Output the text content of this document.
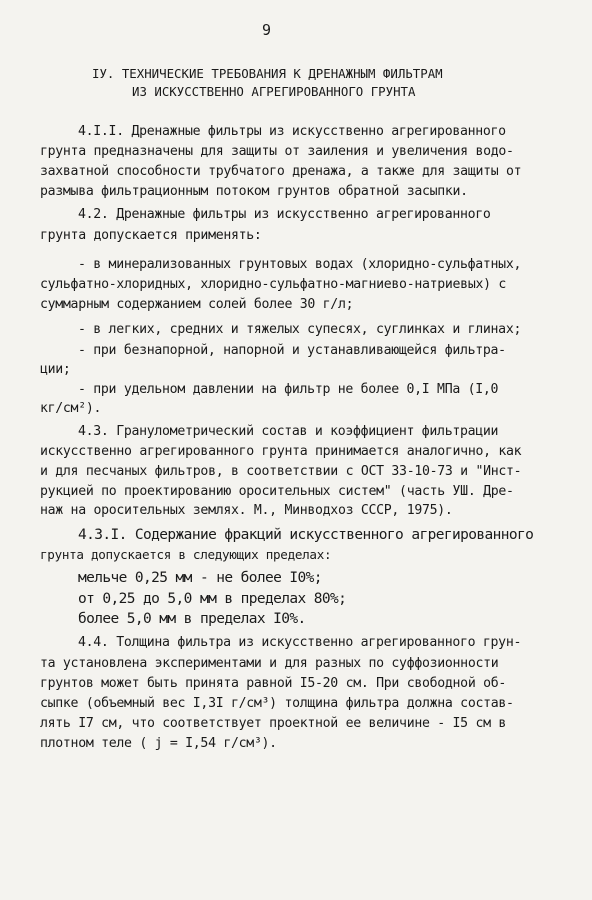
9
IУ. ТЕХНИЧЕСКИЕ ТРЕБОВАНИЯ К ДРЕНАЖНЫМ ФИЛЬТРАМ
ИЗ ИСКУССТВЕННО АГРЕГИРОВАННОГО ГРУНТА
4.I.I. Дренажные фильтры из искусственно агрегированного
грунта предназначены для защиты от заиления и увеличения водо-
захватной способности трубчатого дренажа, а также для защиты от
размыва фильтрационным потоком грунтов обратной засыпки.
4.2. Дренажные фильтры из искусственно агрегированного
грунта допускается применять:
- в минерализованных грунтовых водах (хлоридно-сульфатных,
сульфатно-хлоридных, хлоридно-сульфатно-магниево-натриевых) с
суммарным содержанием солей более 30 г/л;
- в легких, средних и тяжелых супесях, суглинках и глинах;
- при безнапорной, напорной и устанавливающейся фильтра-
ции;
- при удельном давлении на фильтр не более 0,I МПа (I,0
кг/см²).
4.3. Гранулометрический состав и коэффициент фильтрации
искусственно агрегированного грунта принимается аналогично, как
и для песчаных фильтров, в соответствии с ОСТ 33-10-73 и "Инст-
рукцией по проектированию оросительных систем" (часть УШ. Дре-
наж на оросительных землях. М., Минводхоз СССР, 1975).
4.3.I. Содержание фракций искусственного агрегированного
грунта допускается в следующих пределах:
мельче 0,25 мм - не более I0%;
от 0,25 до 5,0 мм в пределах 80%;
более 5,0 мм в пределах I0%.
4.4. Толщина фильтра из искусственно агрегированного грун-
та установлена экспериментами и для разных по суффозионности
грунтов может быть принята равной I5-20 см. При свободной об-
сыпке (объемный вес I,3I г/см³) толщина фильтра должна состав-
лять I7 см, что соответствует проектной ее величине - I5 см в
плотном теле ( j = I,54 г/см³).
